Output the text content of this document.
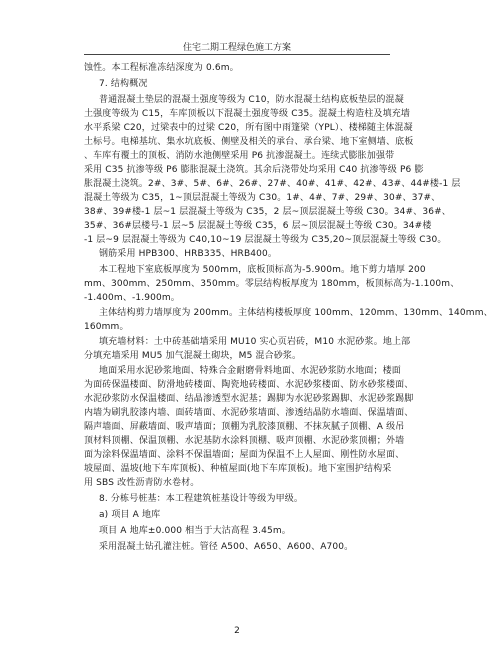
住宅二期工程绿色施工方案
蚀性。本工程标准冻结深度为 0.6m。
7. 结构概况
普通混凝土垫层的混凝土强度等级为 C10，防水混凝土结构底板垫层的混凝
土强度等级为 C15，车库顶板以下混凝土强度等级 C35。混凝土构造柱及填充墙
水平系梁 C20，过梁表中的过梁 C20，所有图中雨篷梁（YPL）、楼梯随主体混凝
土标号。电梯基坑、集水坑底板、侧壁及相关的承台、承台梁、地下室侧墙、底板
、车库有覆土的顶板、消防水池侧壁采用 P6 抗渗混凝土。连续式膨胀加强带
采用 C35 抗渗等级 P6 膨胀混凝土浇筑。其余后浇带处均采用 C40 抗渗等级 P6 膨
胀混凝土浇筑。2#、3#、5#、6#、26#、27#、40#、41#、42#、43#、44#楼-1 层
混凝土等级为 C35，1~顶层混凝土等级为 C30。1#、4#、7#、29#、30#、37#、
38#、39#楼-1 层~1 层混凝土等级为 C35，2 层~顶层混凝土等级 C30。34#、36#、
35#、36#层楼号-1 层~5 层混凝土等级 C35，6 层~顶层混凝土等级 C30。34#楼
-1 层~9 层混凝土等级为 C40,10~19 层混凝土等级为 C35,20~顶层混凝土等级 C30。
钢筋采用 HPB300、HRB335、HRB400。
本工程地下室底板厚度为 500mm，底板顶标高为-5.900m。地下剪力墙厚 200
mm、300mm、250mm、350mm。零层结构板厚度为 180mm，板顶标高为-1.100m、
-1.400m、-1.900m。
主体结构剪力墙厚度为 200mm。主体结构楼板厚度 100mm、120mm、130mm、140mm、
160mm。
填充墙材料：土中砖基础墙采用 MU10 实心页岩砖，M10 水泥砂浆。地上部
分填充墙采用 MU5 加气混凝土砌块，M5 混合砂浆。
地面采用水泥砂浆地面、特殊合金耐磨骨料地面、水泥砂浆防水地面；楼面
为面砖保温楼面、防滑地砖楼面、陶瓷地砖楼面、水泥砂浆楼面、防水砂浆楼面、
水泥砂浆防水保温楼面、结晶渗透型水泥基；踢脚为水泥砂浆踢脚、水泥砂浆踢脚
内墙为刷乳胶漆内墙、面砖墙面、水泥砂浆墙面、渗透结晶防水墙面、保温墙面、
隔声墙面、屏蔽墙面、吸声墙面；顶棚为乳胶漆顶棚、不抹灰腻子顶棚、A 级吊
顶材料顶棚、保温顶棚、水泥基防水涂料顶棚、吸声顶棚、水泥砂浆顶棚；外墙
面为涂料保温墙面、涂料不保温墙面；屋面为保温不上人屋面、刚性防水屋面、
坡屋面、温坡(地下车库顶板)、种植屋面(地下车库顶板)。地下室围护结构采
用 SBS 改性沥青防水卷材。
8. 分栋号桩基：本工程建筑桩基设计等级为甲级。
a) 项目 A 地库
项目 A 地库±0.000 相当于大沽高程 3.45m。
采用混凝土钻孔灌注桩。管径 A500、A650、A600、A700。
2
